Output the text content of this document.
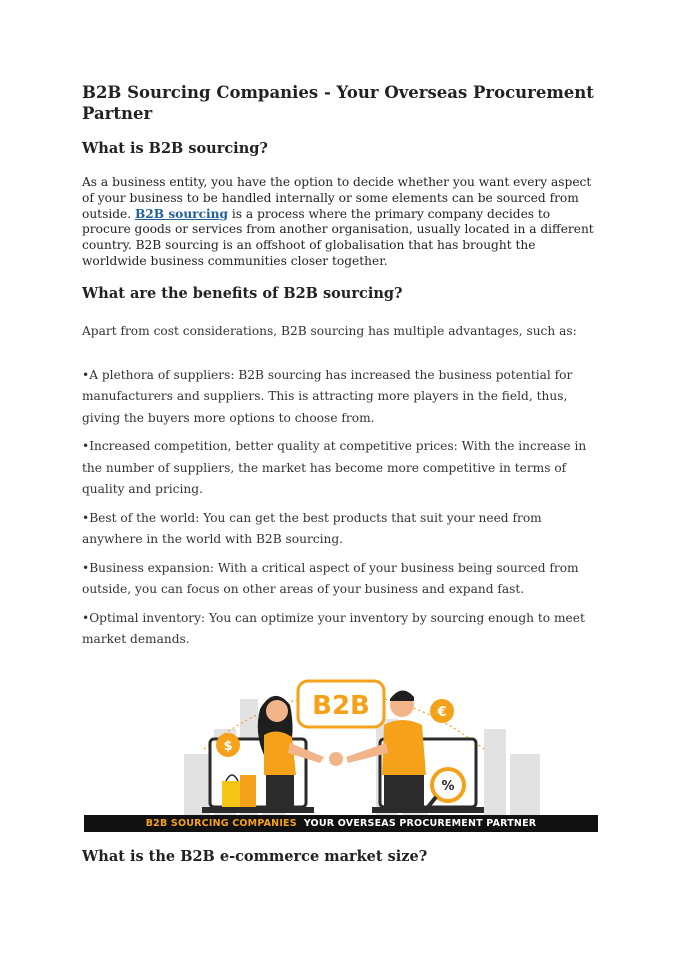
B2B Sourcing Companies - Your Overseas Procurement Partner
What is B2B sourcing?

As a business entity, you have the option to decide whether you want every aspect of your business to be handled internally or some elements can be sourced from outside. B2B sourcing is a process where the primary company decides to procure goods or services from another organisation, usually located in a different country. B2B sourcing is an offshoot of globalisation that has brought the worldwide business communities closer together.

What are the benefits of B2B sourcing?

Apart from cost considerations, B2B sourcing has multiple advantages, such as:

•A plethora of suppliers: B2B sourcing has increased the business potential for manufacturers and suppliers. This is attracting more players in the field, thus, giving the buyers more options to choose from.

•Increased competition, better quality at competitive prices: With the increase in the number of suppliers, the market has become more competitive in terms of quality and pricing.

•Best of the world: You can get the best products that suit your need from anywhere in the world with B2B sourcing.

•Business expansion: With a critical aspect of your business being sourced from outside, you can focus on other areas of your business and expand fast.

•Optimal inventory: You can optimize your inventory by sourcing enough to meet market demands.

B2B
$
€
%
B2B SOURCING COMPANIES YOUR OVERSEAS PROCUREMENT PARTNER
What is the B2B e-commerce market size?
